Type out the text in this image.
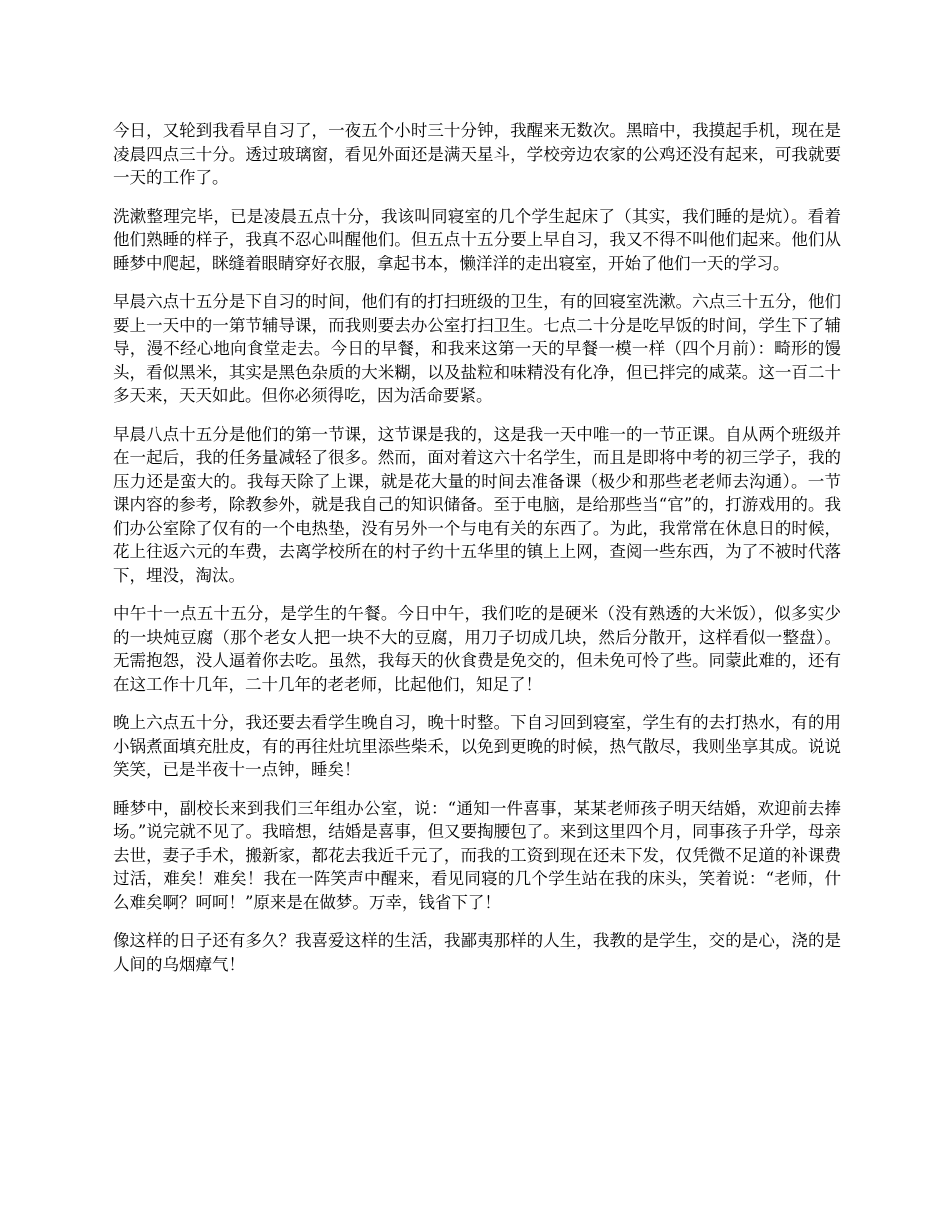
今日，又轮到我看早自习了，一夜五个小时三十分钟，我醒来无数次。黑暗中，我摸起手机，现在是凌晨四点三十分。透过玻璃窗，看见外面还是满天星斗，学校旁边农家的公鸡还没有起来，可我就要一天的工作了。

洗漱整理完毕，已是凌晨五点十分，我该叫同寝室的几个学生起床了（其实，我们睡的是炕）。看着他们熟睡的样子，我真不忍心叫醒他们。但五点十五分要上早自习，我又不得不叫他们起来。他们从睡梦中爬起，眯缝着眼睛穿好衣服，拿起书本，懒洋洋的走出寝室，开始了他们一天的学习。

早晨六点十五分是下自习的时间，他们有的打扫班级的卫生，有的回寝室洗漱。六点三十五分，他们要上一天中的一第节辅导课，而我则要去办公室打扫卫生。七点二十分是吃早饭的时间，学生下了辅导，漫不经心地向食堂走去。今日的早餐，和我来这第一天的早餐一模一样（四个月前）：畸形的馒头，看似黑米，其实是黑色杂质的大米糊，以及盐粒和味精没有化净，但已拌完的咸菜。这一百二十多天来，天天如此。但你必须得吃，因为活命要紧。

早晨八点十五分是他们的第一节课，这节课是我的，这是我一天中唯一的一节正课。自从两个班级并在一起后，我的任务量减轻了很多。然而，面对着这六十名学生，而且是即将中考的初三学子，我的压力还是蛮大的。我每天除了上课，就是花大量的时间去准备课（极少和那些老老师去沟通）。一节课内容的参考，除教参外，就是我自己的知识储备。至于电脑，是给那些当“官”的，打游戏用的。我们办公室除了仅有的一个电热垫，没有另外一个与电有关的东西了。为此，我常常在休息日的时候，花上往返六元的车费，去离学校所在的村子约十五华里的镇上上网，查阅一些东西，为了不被时代落下，埋没，淘汰。

中午十一点五十五分，是学生的午餐。今日中午，我们吃的是硬米（没有熟透的大米饭），似多实少的一块炖豆腐（那个老女人把一块不大的豆腐，用刀子切成几块，然后分散开，这样看似一整盘）。无需抱怨，没人逼着你去吃。虽然，我每天的伙食费是免交的，但未免可怜了些。同蒙此难的，还有在这工作十几年，二十几年的老老师，比起他们，知足了！

晚上六点五十分，我还要去看学生晚自习，晚十时整。下自习回到寝室，学生有的去打热水，有的用小锅煮面填充肚皮，有的再往灶坑里添些柴禾，以免到更晚的时候，热气散尽，我则坐享其成。说说笑笑，已是半夜十一点钟，睡矣！

睡梦中，副校长来到我们三年组办公室，说：“通知一件喜事，某某老师孩子明天结婚，欢迎前去捧场。”说完就不见了。我暗想，结婚是喜事，但又要掏腰包了。来到这里四个月，同事孩子升学，母亲去世，妻子手术，搬新家，都花去我近千元了，而我的工资到现在还未下发，仅凭微不足道的补课费过活，难矣！难矣！我在一阵笑声中醒来，看见同寝的几个学生站在我的床头，笑着说：“老师，什么难矣啊？呵呵！”原来是在做梦。万幸，钱省下了！

像这样的日子还有多久？我喜爱这样的生活，我鄙夷那样的人生，我教的是学生，交的是心，浇的是人间的乌烟瘴气！
